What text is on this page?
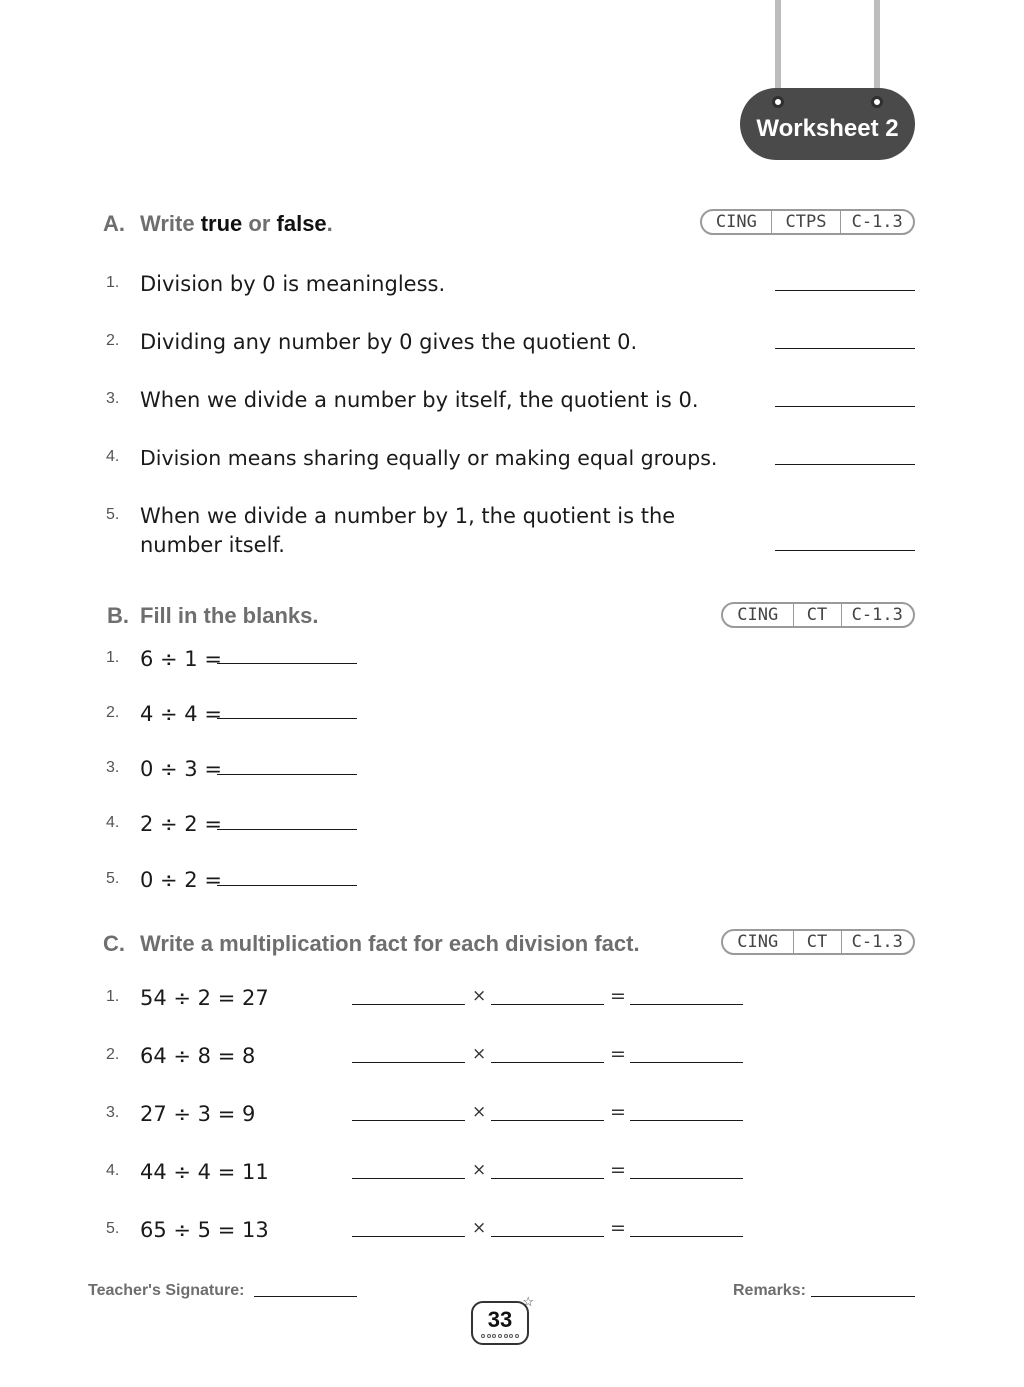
Worksheet 2
A. Write true or false.	CING	CTPS	C-1.3
1. Division by 0 is meaningless.
2. Dividing any number by 0 gives the quotient 0.
3. When we divide a number by itself, the quotient is 0.
4.	Division means sharing equally or making equal groups.
5. When we divide a number by 1, the quotient is the
number itself.
B. Fill in the blanks.	CING	CT	C-1.3
1. 6 ÷ 1 =
2. 4 ÷ 4 =
3. 0 ÷ 3 =
4. 2 ÷ 2 =
5. 0 ÷ 2 =
C. Write a multiplication fact for each division fact.	CING	CT	C-1.3
1. 54 ÷ 2 = 27	×	=
2. 64 ÷ 8 = 8	×	=
3. 27 ÷ 3 = 9	×	=
4. 44 ÷ 4 = 11	×	=
5. 65 ÷ 5 = 13	×	=
Teacher's Signature:	Remarks:
33
☆
